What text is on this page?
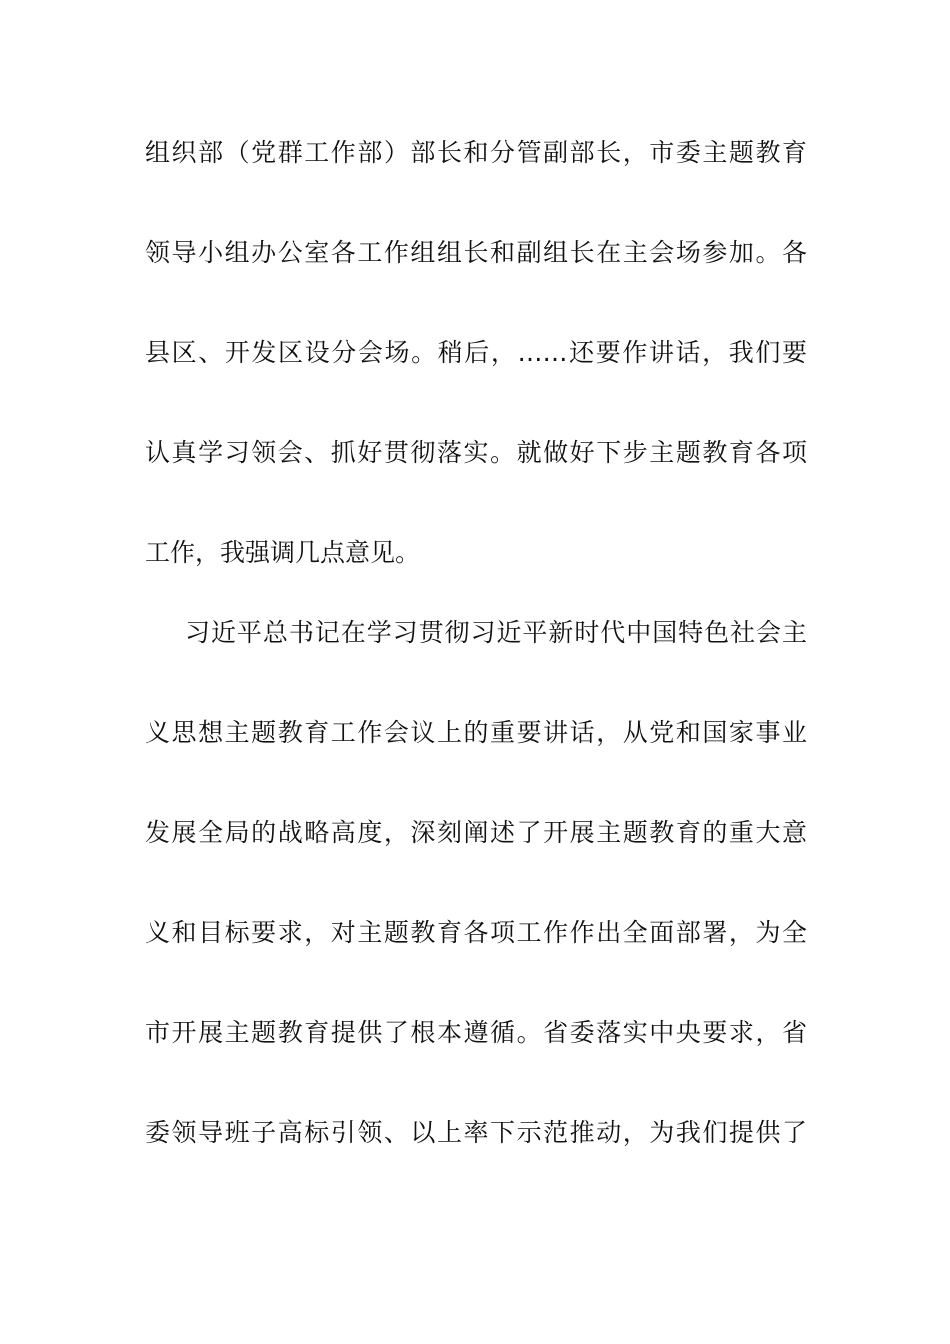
组织部（党群工作部）部长和分管副部长，市委主题教育
领导小组办公室各工作组组长和副组长在主会场参加。各
县区、开发区设分会场。稍后，……还要作讲话，我们要
认真学习领会、抓好贯彻落实。就做好下步主题教育各项
工作，我强调几点意见。
习近平总书记在学习贯彻习近平新时代中国特色社会主
义思想主题教育工作会议上的重要讲话，从党和国家事业
发展全局的战略高度，深刻阐述了开展主题教育的重大意
义和目标要求，对主题教育各项工作作出全面部署，为全
市开展主题教育提供了根本遵循。省委落实中央要求，省
委领导班子高标引领、以上率下示范推动，为我们提供了
